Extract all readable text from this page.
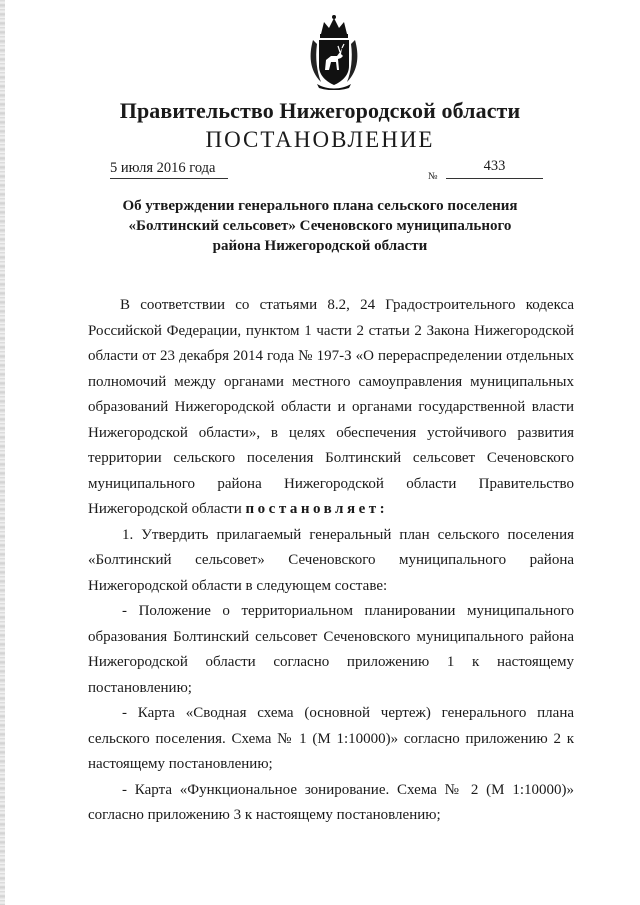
Правительство Нижегородской области
ПОСТАНОВЛЕНИЕ
5 июля 2016 года
№
433
Об утверждении генерального плана сельского поселения
«Болтинский сельсовет» Сеченовского муниципального
района Нижегородской области

В соответствии со статьями 8.2, 24 Градостроительного кодекса Российской Федерации, пунктом 1 части 2 статьи 2 Закона Нижегородской области от 23 декабря 2014 года № 197-З «О перераспределении отдельных полномочий между органами местного самоуправления муниципальных образований Нижегородской области и органами государственной власти Нижегородской области», в целях обеспечения устойчивого развития территории сельского поселения Болтинский сельсовет Сеченовского муниципального района Нижегородской области Правительство

Нижегородской области постановляет:

1. Утвердить прилагаемый генеральный план сельского поселения «Болтинский сельсовет» Сеченовского муниципального района Нижегородской области в следующем составе:

- Положение о территориальном планировании муниципального образования Болтинский сельсовет Сеченовского муниципального района Нижегородской области согласно приложению 1 к настоящему постановлению;

- Карта «Сводная схема (основной чертеж) генерального плана сельского поселения. Схема № 1 (М 1:10000)» согласно приложению 2 к настоящему постановлению;

- Карта «Функциональное зонирование. Схема № 2 (М 1:10000)» согласно приложению 3 к настоящему постановлению;
